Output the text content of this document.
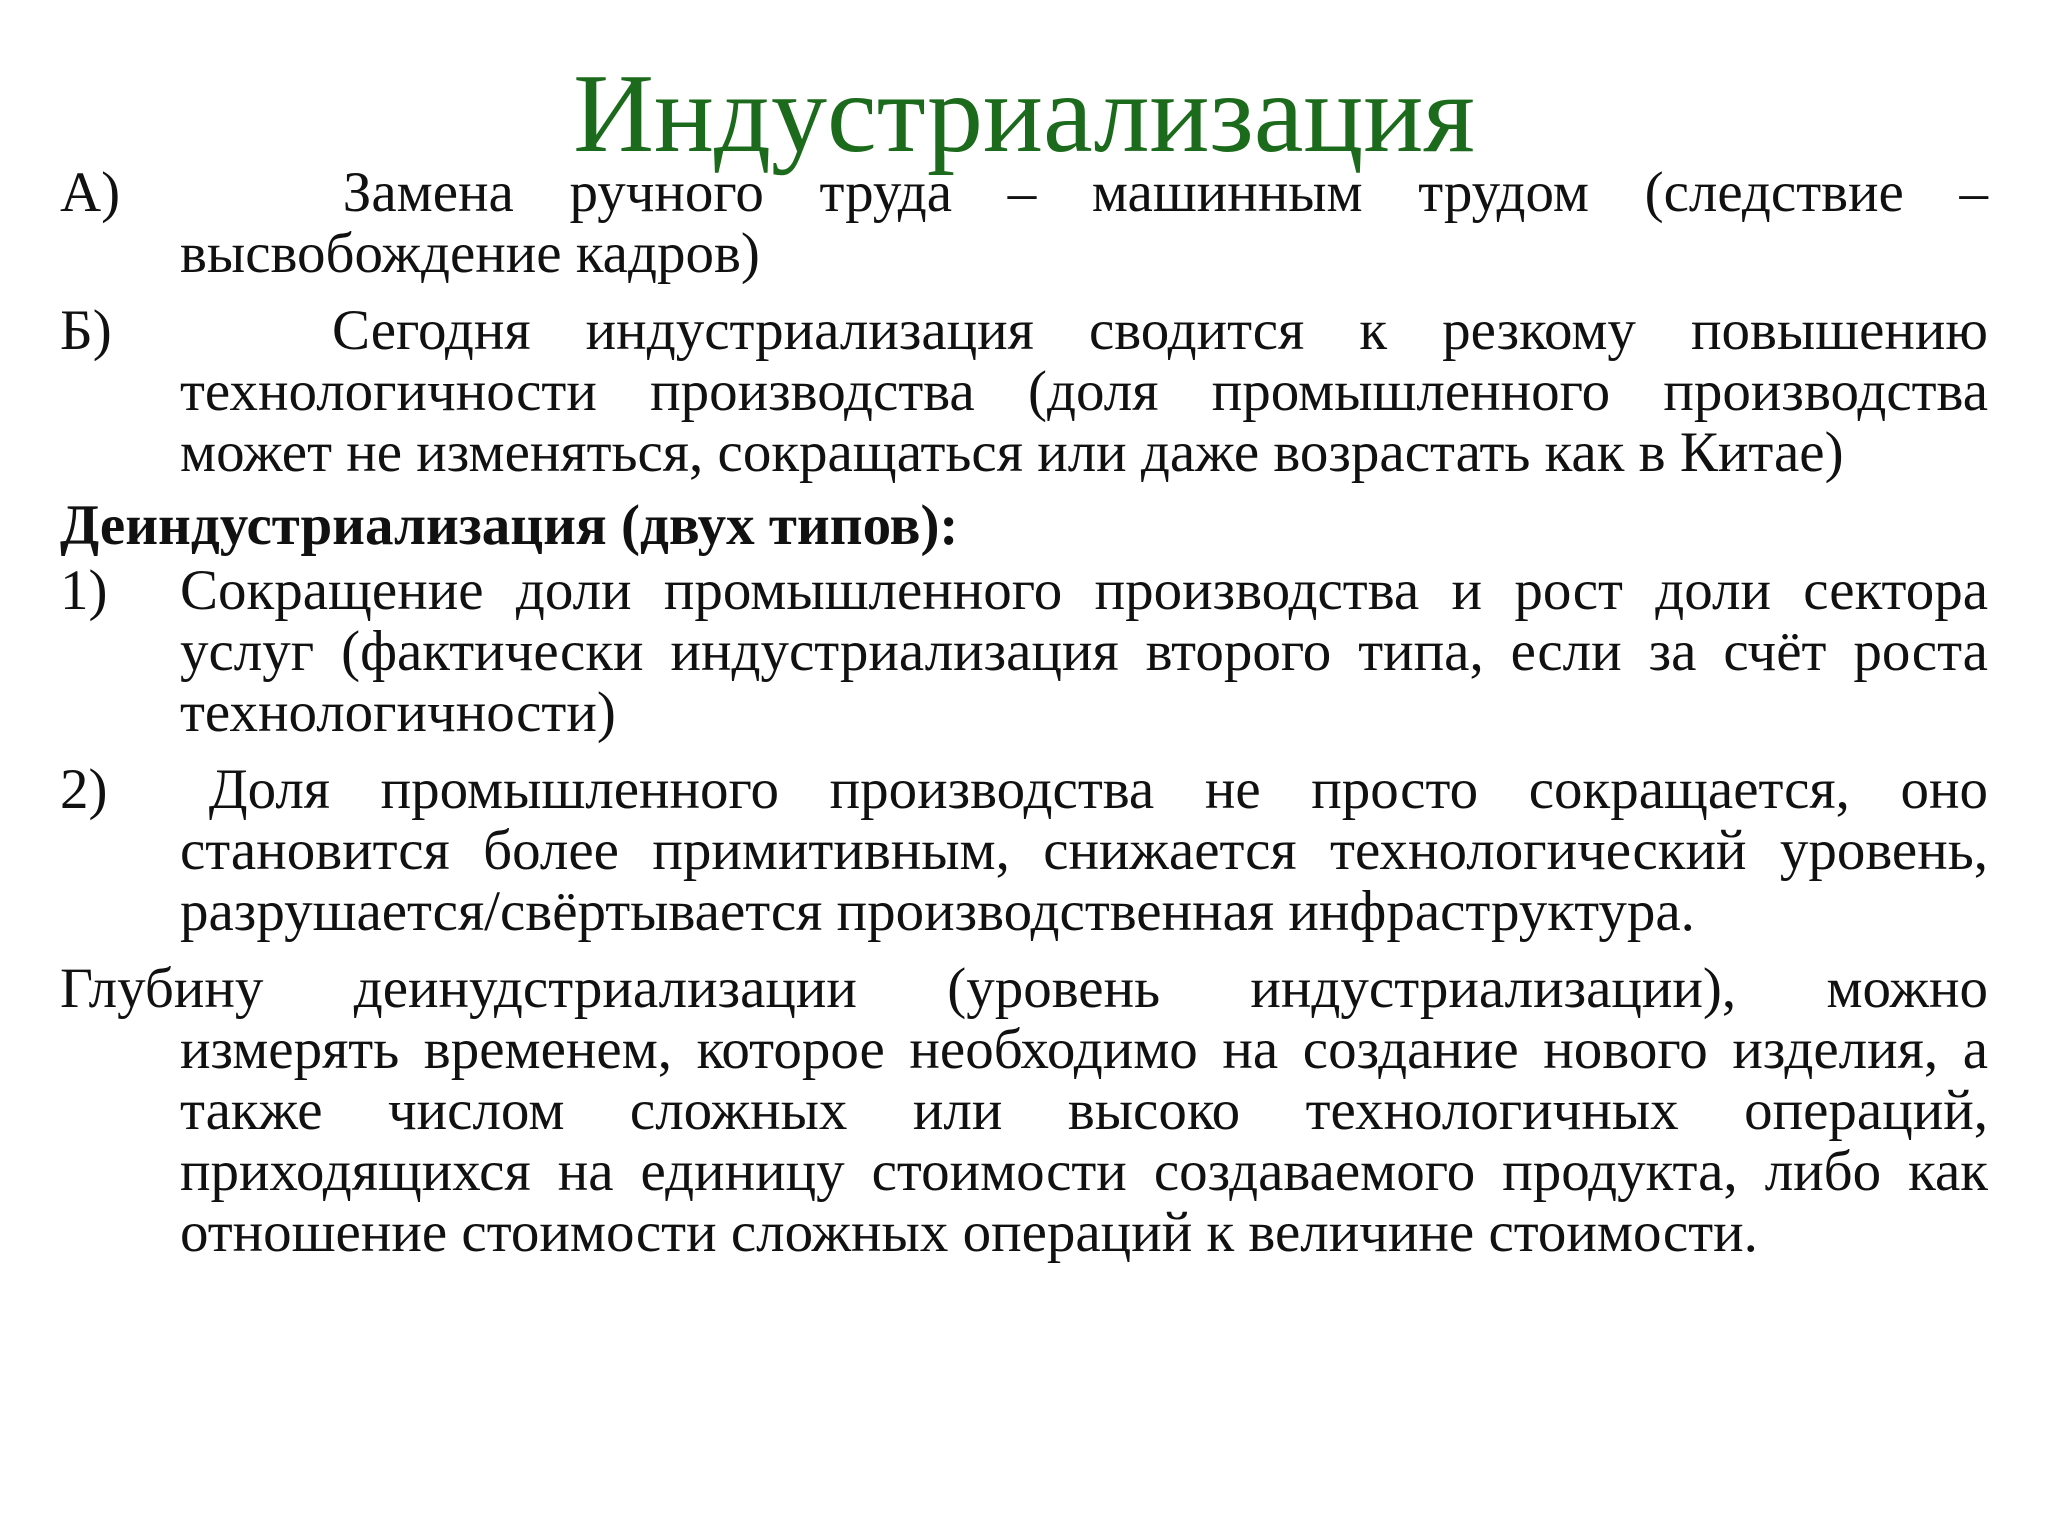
Индустриализация
А)	Замена ручного труда – машинным трудом (следствие –
высвобождение кадров)
Б)	Сегодня индустриализация сводится к резкому повышению
технологичности производства (доля промышленного производства может не изменяться, сокращаться или даже возрастать как в Китае)

Деиндустриализация (двух типов):

1) Сокращение доли промышленного производства и рост доли сектора услуг (фактически индустриализация второго типа, если за счёт роста технологичности)
2) Доля промышленного производства не просто сокращается, оно
становится более примитивным, снижается технологический уровень, разрушается/свёртывается производственная инфраструктура.
Глубину деинудстриализации (уровень индустриализации), можно
измерять временем, которое необходимо на создание нового изделия, а также числом сложных или высоко технологичных операций, приходящихся на единицу стоимости создаваемого продукта, либо как отношение стоимости сложных операций к величине стоимости.
